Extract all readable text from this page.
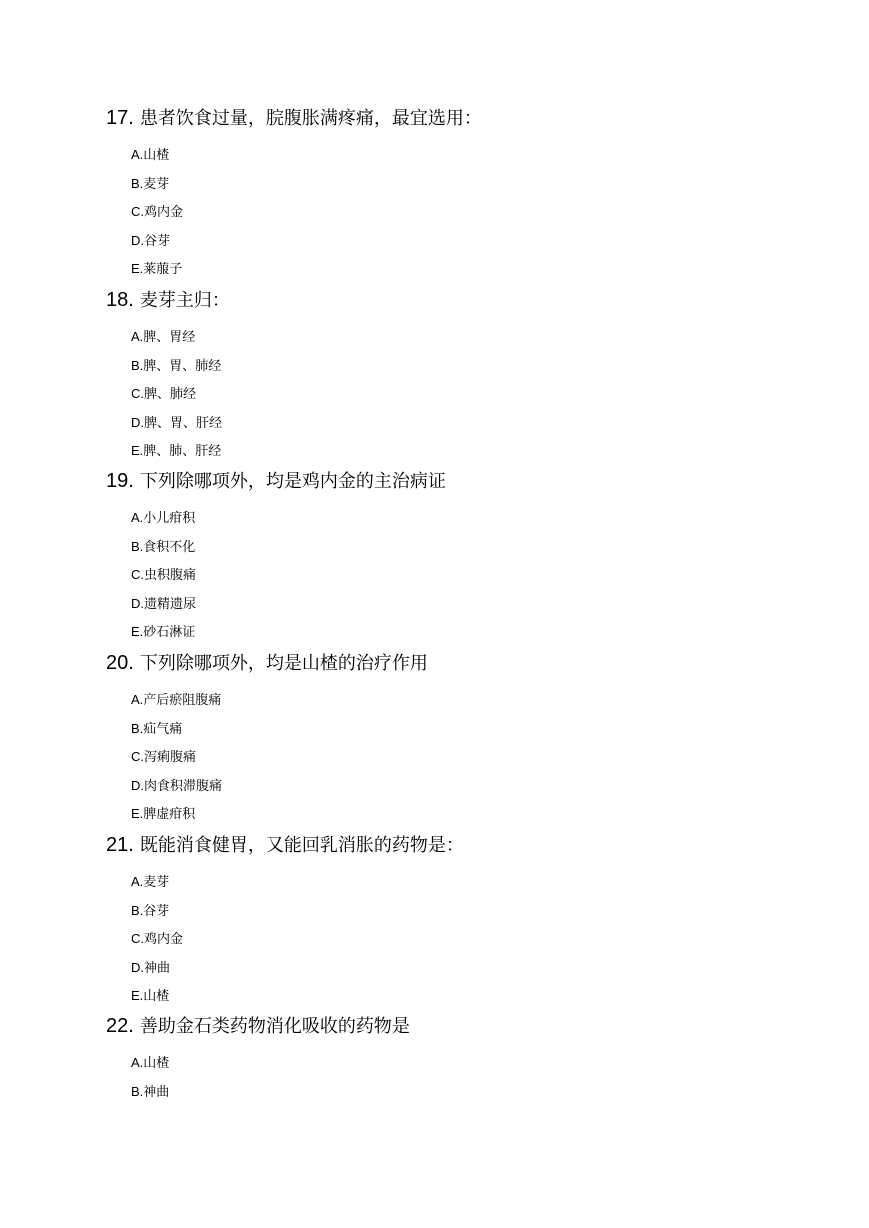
17. 患者饮食过量，脘腹胀满疼痛，最宜选用：
A.山楂
B.麦芽
C.鸡内金
D.谷芽
E.莱菔子
18. 麦芽主归：
A.脾、胃经
B.脾、胃、肺经
C.脾、肺经
D.脾、胃、肝经
E.脾、肺、肝经
19. 下列除哪项外，均是鸡内金的主治病证
A.小儿疳积
B.食积不化
C.虫积腹痛
D.遗精遗尿
E.砂石淋证
20. 下列除哪项外，均是山楂的治疗作用
A.产后瘀阻腹痛
B.疝气痛
C.泻痢腹痛
D.肉食积滞腹痛
E.脾虚疳积
21. 既能消食健胃，又能回乳消胀的药物是：
A.麦芽
B.谷芽
C.鸡内金
D.神曲
E.山楂
22. 善助金石类药物消化吸收的药物是
A.山楂
B.神曲
